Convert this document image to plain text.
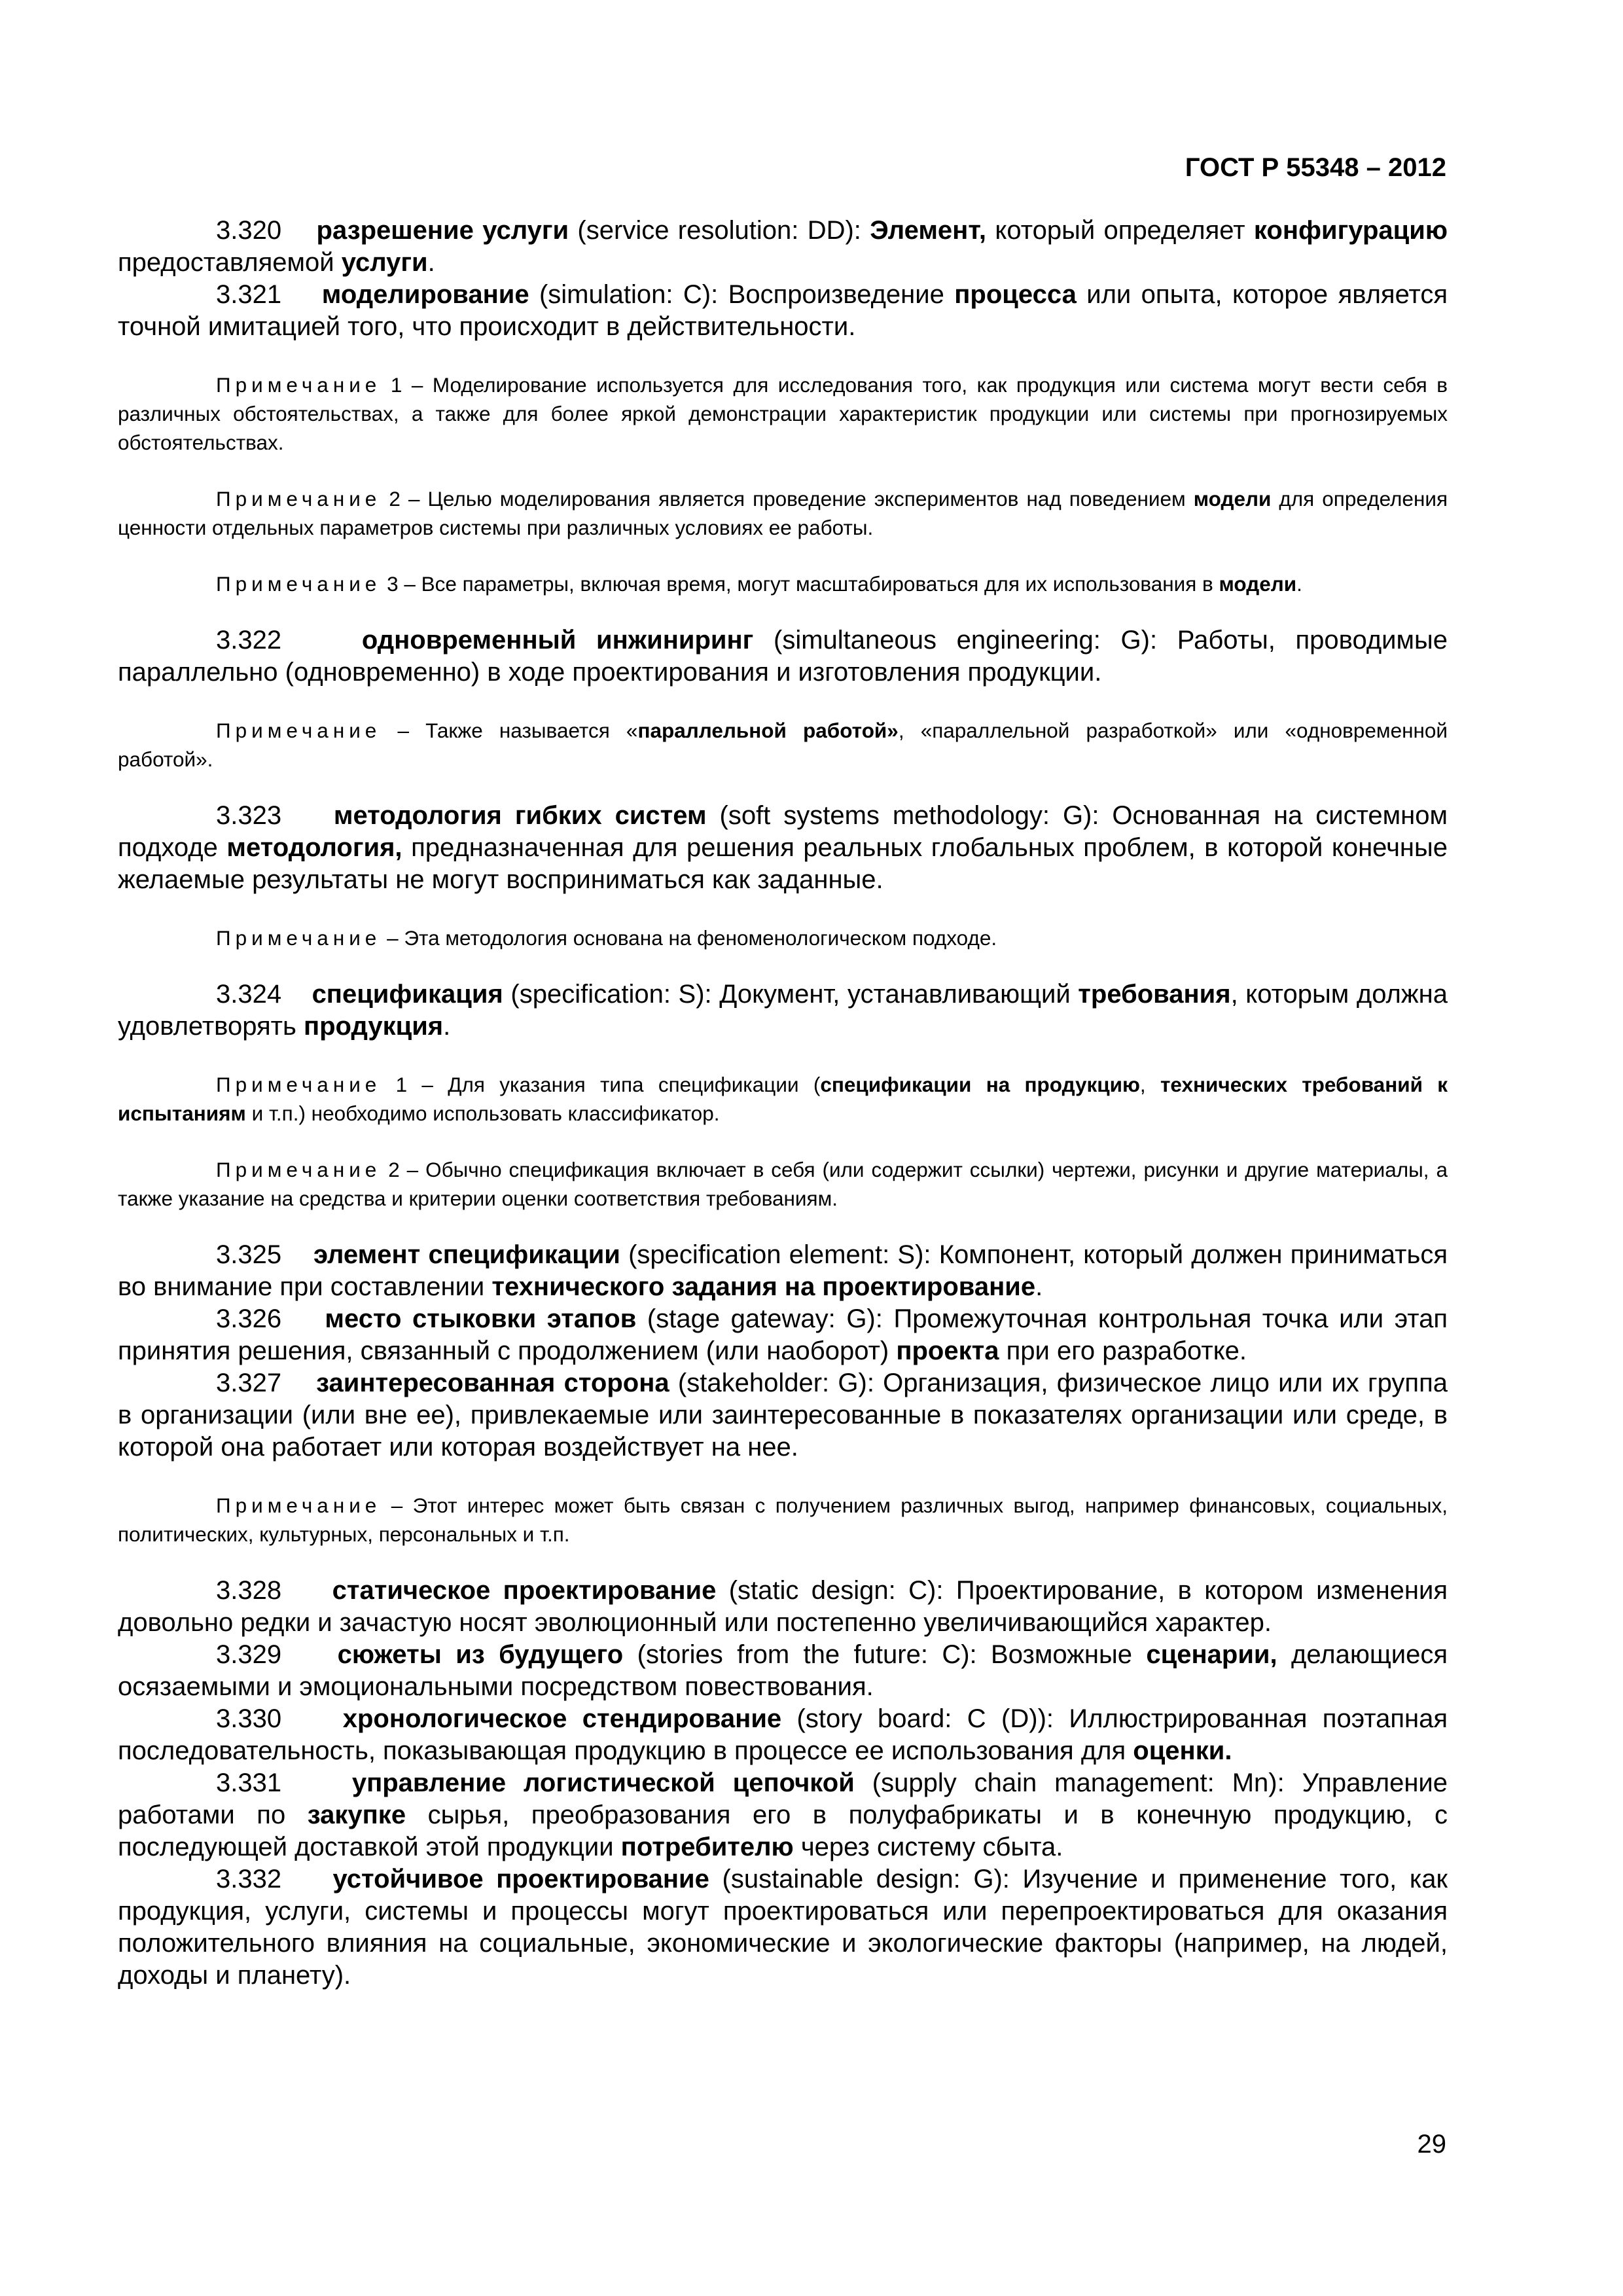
ГОСТ Р 55348 – 2012

3.320 разрешение услуги (service resolution: DD): Элемент, который определяет конфигурацию предоставляемой услуги.

3.321 моделирование (simulation: C): Воспроизведение процесса или опыта, которое является точной имитацией того, что происходит в действительности.

Примечание 1 – Моделирование используется для исследования того, как продукция или система могут вести себя в различных обстоятельствах, а также для более яркой демонстрации характеристик продукции или системы при прогнозируемых обстоятельствах.

Примечание 2 – Целью моделирования является проведение экспериментов над поведением модели для определения ценности отдельных параметров системы при различных условиях ее работы.

Примечание 3 – Все параметры, включая время, могут масштабироваться для их использования в модели.

3.322	одновременный инжиниринг (simultaneous engineering: G): Работы, проводимые параллельно (одновременно) в ходе проектирования и изготовления продукции.

Примечание – Также называется «параллельной работой», «параллельной разработкой» или «одновременной работой».

3.323 методология гибких систем (soft systems methodology: G): Основанная на системном подходе методология, предназначенная для решения реальных глобальных проблем, в которой конечные желаемые результаты не могут восприниматься как заданные.

Примечание – Эта методология основана на феноменологическом подходе.

3.324 спецификация (specification: S): Документ, устанавливающий требования, которым должна удовлетворять продукция.

Примечание 1 – Для указания типа спецификации (спецификации на продукцию, технических требований к испытаниям и т.п.) необходимо использовать классификатор.

Примечание 2 – Обычно спецификация включает в себя (или содержит ссылки) чертежи, рисунки и другие материалы, а также указание на средства и критерии оценки соответствия требованиям.

3.325 элемент спецификации (specification element: S): Компонент, который должен приниматься во внимание при составлении технического задания на проектирование.

3.326 место стыковки этапов (stage gateway: G): Промежуточная контрольная точка или этап принятия решения, связанный с продолжением (или наоборот) проекта при его разработке.

3.327 заинтересованная сторона (stakeholder: G): Организация, физическое лицо или их группа в организации (или вне ее), привлекаемые или заинтересованные в показателях организации или среде, в которой она работает или которая воздействует на нее.

Примечание – Этот интерес может быть связан с получением различных выгод, например финансовых, социальных, политических, культурных, персональных и т.п.

3.328 статическое проектирование (static design: C): Проектирование, в котором изменения довольно редки и зачастую носят эволюционный или постепенно увеличивающийся характер.

3.329 сюжеты из будущего (stories from the future: C): Возможные сценарии, делающиеся осязаемыми и эмоциональными посредством повествования.

3.330 хронологическое стендирование (story board: C (D)): Иллюстрированная поэтапная последовательность, показывающая продукцию в процессе ее использования для оценки.

3.331	управление логистической цепочкой (supply chain management: Mn): Управление работами по закупке сырья, преобразования его в полуфабрикаты и в конечную продукцию, с последующей доставкой этой продукции потребителю через систему сбыта.

3.332 устойчивое проектирование (sustainable design: G): Изучение и применение того, как продукция, услуги, системы и процессы могут проектироваться или перепроектироваться для оказания положительного влияния на социальные, экономические и экологические факторы (например, на людей, доходы и планету).

29
